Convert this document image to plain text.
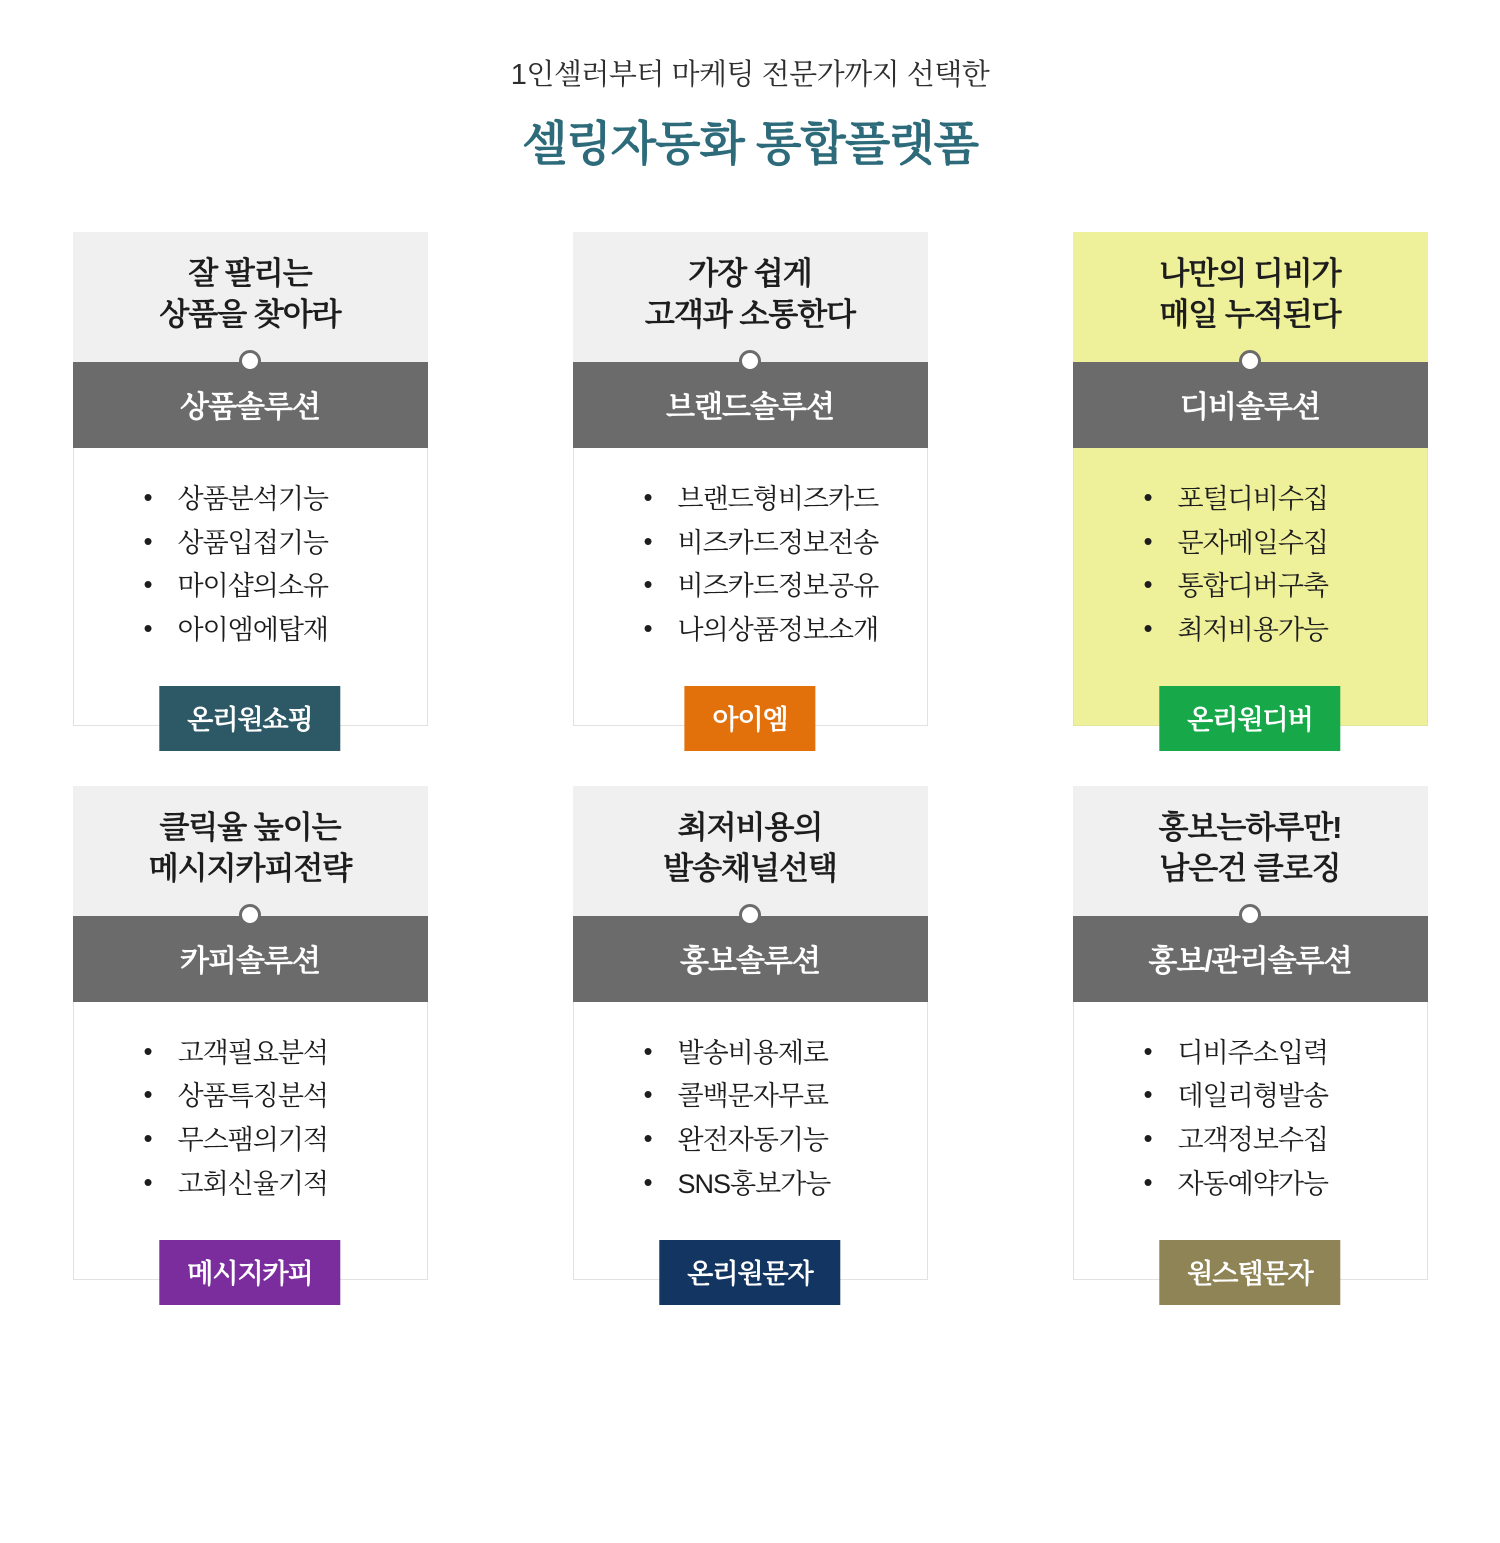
1인셀러부터 마케팅 전문가까지 선택한
셀링자동화 통합플랫폼
잘 팔리는
상품을 찾아라
상품솔루션
• 상품분석기능
• 상품입접기능
• 마이샵의소유
• 아이엠에탑재
온리원쇼핑
가장 쉽게
고객과 소통한다
브랜드솔루션
• 브랜드형비즈카드
• 비즈카드정보전송
• 비즈카드정보공유
• 나의상품정보소개
아이엠
나만의 디비가
매일 누적된다
디비솔루션
• 포털디비수집
• 문자메일수집
• 통합디버구축
• 최저비용가능
온리원디버
클릭율 높이는
메시지카피전략
카피솔루션
• 고객필요분석
• 상품특징분석
• 무스팸의기적
• 고회신율기적
메시지카피
최저비용의
발송채널선택
홍보솔루션
• 발송비용제로
• 콜백문자무료
• 완전자동기능
• SNS홍보가능
온리원문자
홍보는하루만!
남은건 클로징
홍보/관리솔루션
• 디비주소입력
• 데일리형발송
• 고객정보수집
• 자동예약가능
원스텝문자
